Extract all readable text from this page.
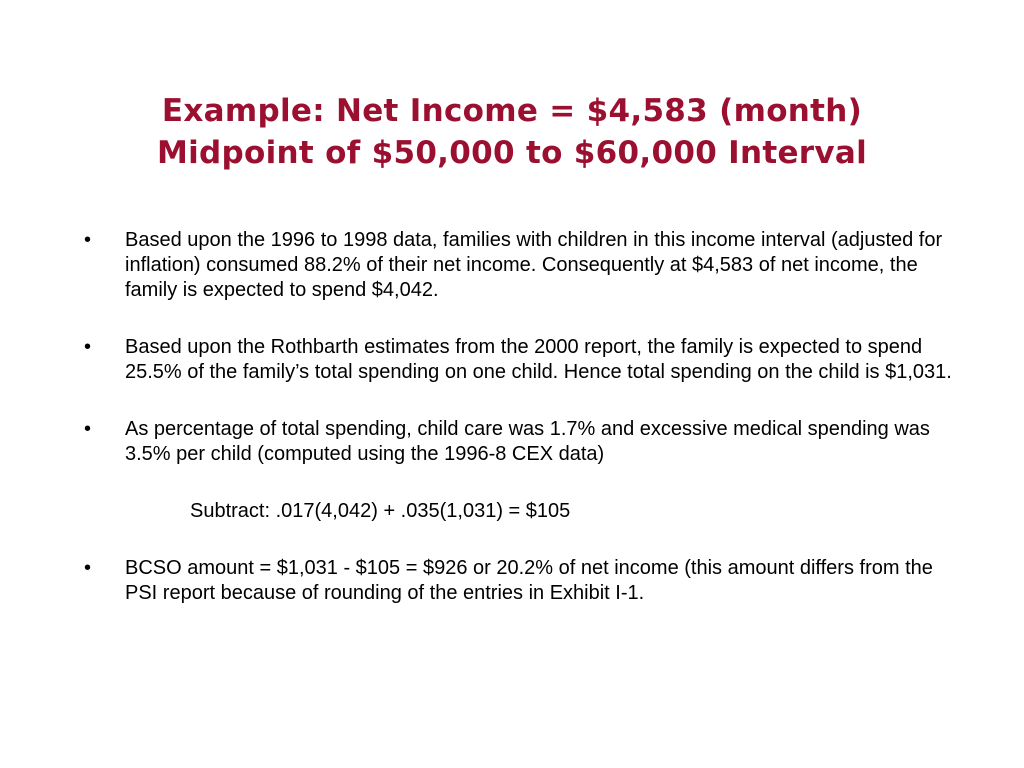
Example: Net Income = $4,583 (month)
Midpoint of $50,000 to $60,000 Interval

•	Based upon the 1996 to 1998 data, families with children in this income interval (adjusted for inflation) consumed 88.2% of their net income. Consequently at $4,583 of net income, the family is expected to spend $4,042.

•	Based upon the Rothbarth estimates from the 2000 report, the family is expected to spend 25.5% of the family’s total spending on one child. Hence total spending on the child is $1,031.

•	As percentage of total spending, child care was 1.7% and excessive medical spending was 3.5% per child (computed using the 1996-8 CEX data)

Subtract: .017(4,042) + .035(1,031) = $105

•	BCSO amount = $1,031 - $105 = $926 or 20.2% of net income (this amount differs from the PSI report because of rounding of the entries in Exhibit I-1.
